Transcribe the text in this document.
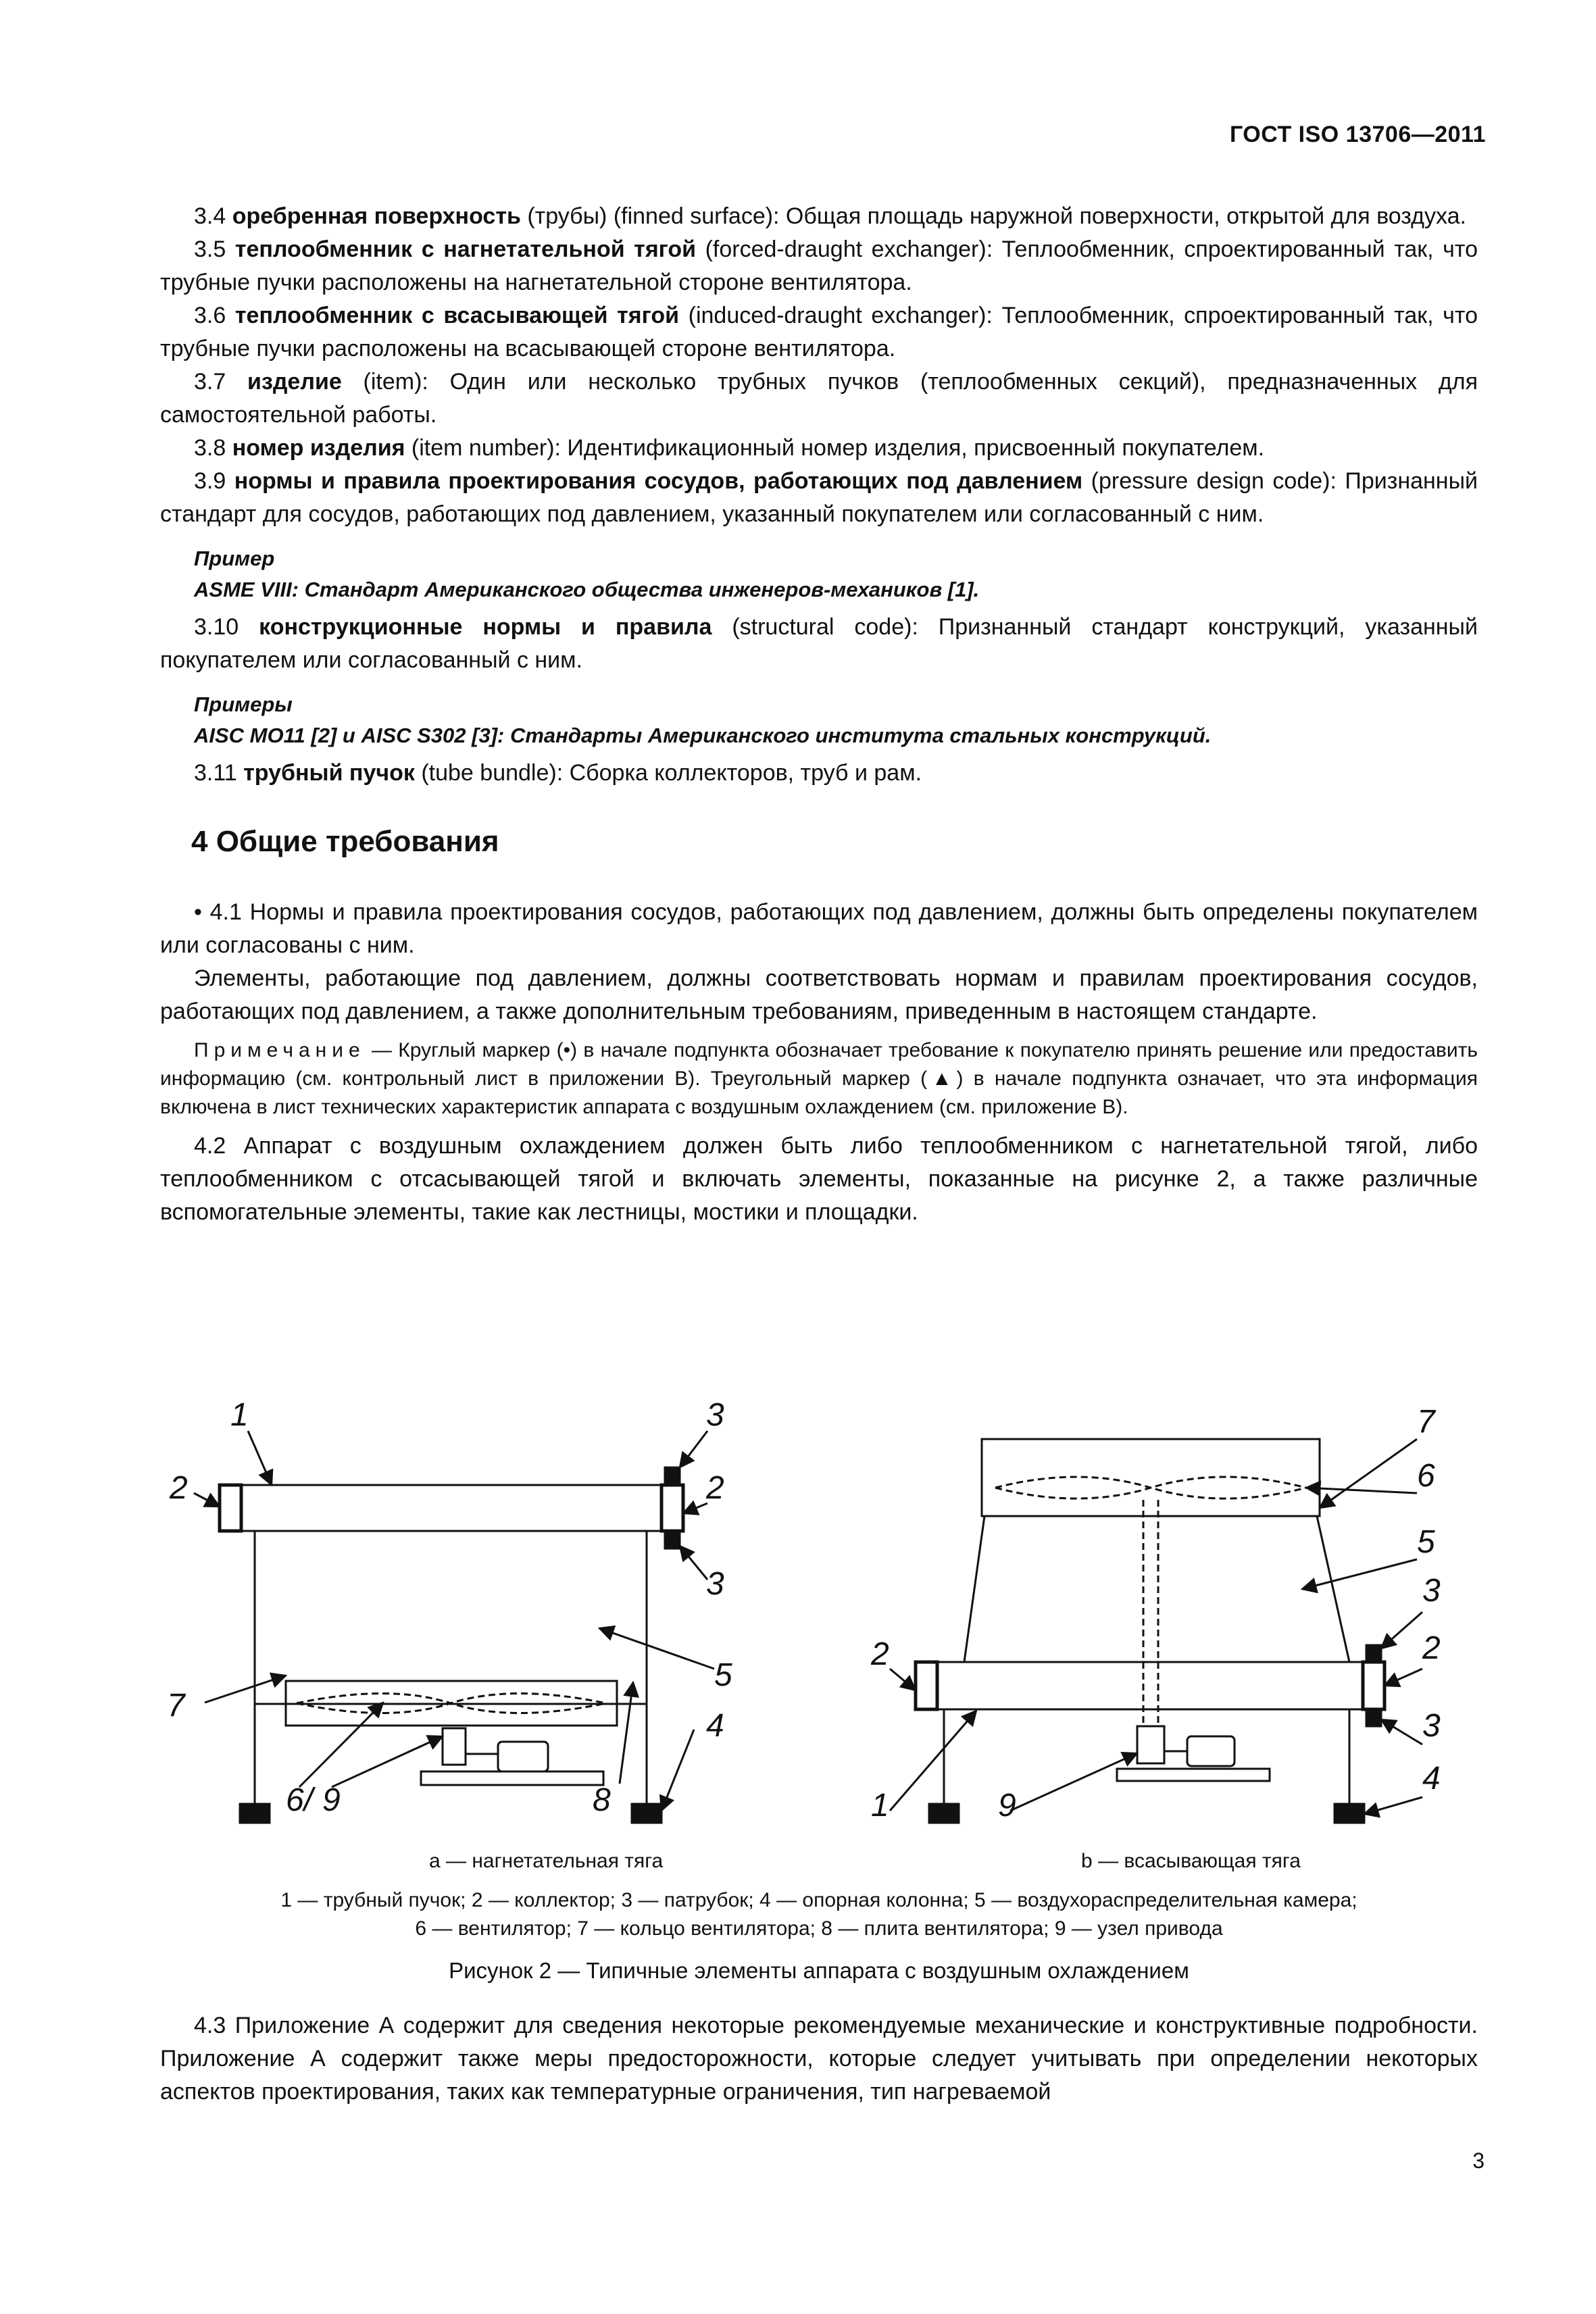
ГОСТ ISO 13706—2011

3.4 оребренная поверхность (трубы) (finned surface): Общая площадь наружной поверхности, открытой для воздуха.

3.5 теплообменник с нагнетательной тягой (forced-draught exchanger): Теплообменник, спроектированный так, что трубные пучки расположены на нагнетательной стороне вентилятора.

3.6 теплообменник с всасывающей тягой (induced-draught exchanger): Теплообменник, спроектированный так, что трубные пучки расположены на всасывающей стороне вентилятора.

3.7 изделие (item): Один или несколько трубных пучков (теплообменных секций), предназначенных для самостоятельной работы.

3.8 номер изделия (item number): Идентификационный номер изделия, присвоенный покупателем.

3.9 нормы и правила проектирования сосудов, работающих под давлением (pressure design code): Признанный стандарт для сосудов, работающих под давлением, указанный покупателем или согласованный с ним.

Пример
ASME VIII: Стандарт Американского общества инженеров-механиков [1].

3.10 конструкционные нормы и правила (structural code): Признанный стандарт конструкций, указанный покупателем или согласованный с ним.

Примеры
AISC MO11 [2] и AISC S302 [3]: Стандарты Американского института стальных конструкций.

3.11 трубный пучок (tube bundle): Сборка коллекторов, труб и рам.

4 Общие требования

• 4.1 Нормы и правила проектирования сосудов, работающих под давлением, должны быть определены покупателем или согласованы с ним.

Элементы, работающие под давлением, должны соответствовать нормам и правилам проектирования сосудов, работающих под давлением, а также дополнительным требованиям, приведенным в настоящем стандарте.

Примечание — Круглый маркер (•) в начале подпункта обозначает требование к покупателю принять решение или предоставить информацию (см. контрольный лист в приложении В). Треугольный маркер (▲) в начале подпункта означает, что эта информация включена в лист технических характеристик аппарата с воздушным охлаждением (см. приложение В).

4.2 Аппарат с воздушным охлаждением должен быть либо теплообменником с нагнетательной тягой, либо теплообменником с отсасывающей тягой и включать элементы, показанные на рисунке 2, а также различные вспомогательные элементы, такие как лестницы, мостики и площадки.

1
2	2
3
3
5
4
7
6/ 9	8
7
6
5
3
2
3
4
2
1	9
а — нагнетательная тяга	b — всасывающая тяга
1 — трубный пучок; 2 — коллектор; 3 — патрубок; 4 — опорная колонна; 5 — воздухораспределительная камера;
6 — вентилятор; 7 — кольцо вентилятора; 8 — плита вентилятора; 9 — узел привода
Рисунок 2 — Типичные элементы аппарата с воздушным охлаждением

4.3 Приложение А содержит для сведения некоторые рекомендуемые механические и конструктивные подробности. Приложение А содержит также меры предосторожности, которые следует учитывать при определении некоторых аспектов проектирования, таких как температурные ограничения, тип нагреваемой

3
